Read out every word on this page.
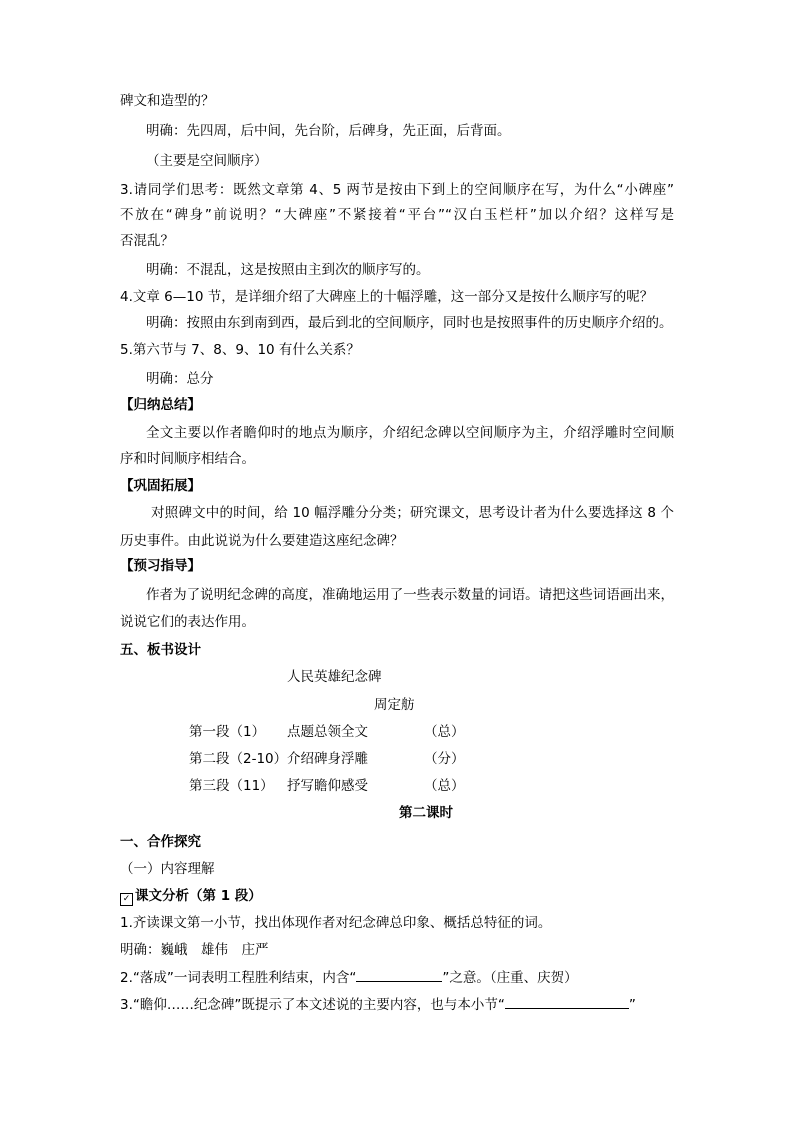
碑文和造型的？
明确：先四周，后中间，先台阶，后碑身，先正面，后背面。
（主要是空间顺序）
3.请同学们思考：既然文章第 4、5 两节是按由下到上的空间顺序在写，为什么“小碑座”
不放在“碑身”前说明？“大碑座”不紧接着“平台”“汉白玉栏杆”加以介绍？这样写是
否混乱？
明确：不混乱，这是按照由主到次的顺序写的。
4.文章 6—10 节，是详细介绍了大碑座上的十幅浮雕，这一部分又是按什么顺序写的呢？
明确：按照由东到南到西，最后到北的空间顺序，同时也是按照事件的历史顺序介绍的。
5.第六节与 7、8、9、10 有什么关系？
明确：总分
【归纳总结】
全文主要以作者瞻仰时的地点为顺序，介绍纪念碑以空间顺序为主，介绍浮雕时空间顺
序和时间顺序相结合。
【巩固拓展】
对照碑文中的时间，给 10 幅浮雕分分类；研究课文，思考设计者为什么要选择这 8 个
历史事件。由此说说为什么要建造这座纪念碑？
【预习指导】
作者为了说明纪念碑的高度，准确地运用了一些表示数量的词语。请把这些词语画出来，
说说它们的表达作用。
五、板书设计
人民英雄纪念碑
周定舫
第一段（1） 点题总领全文	（总）
第二段（2-10） 介绍碑身浮雕	（分）
第三段（11） 抒写瞻仰感受	（总）
第二课时
一、合作探究
（一）内容理解
✓ 课文分析（第 1 段）
1.齐读课文第一小节，找出体现作者对纪念碑总印象、概括总特征的词。
明确：巍峨　雄伟　庄严
2.“落成”一词表明工程胜利结束，内含“	”之意。（庄重、庆贺）
3.“瞻仰……纪念碑”既提示了本文述说的主要内容，也与本小节“	”
